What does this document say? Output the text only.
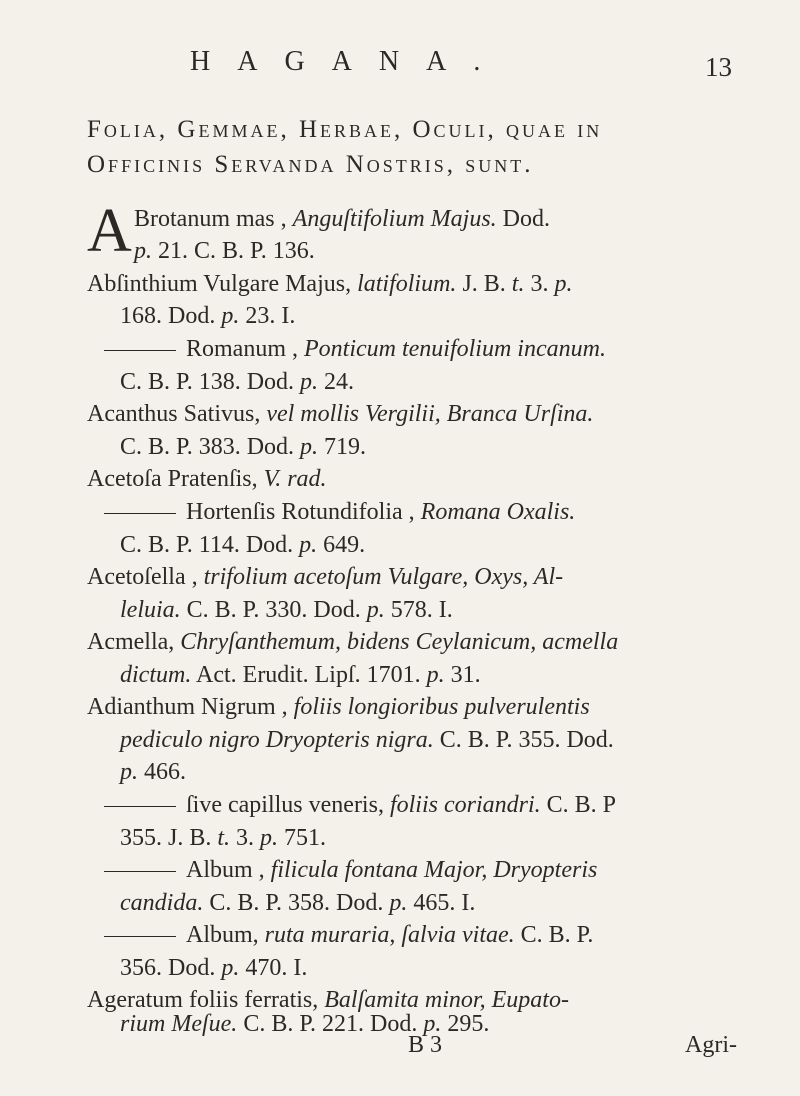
HAGANA.	13
Folia, Gemmae, Herbae, Oculi, quae in
Officinis Servanda Nostris, sunt.
A Brotanum mas , Anguſtifolium Majus. Dod.
p. 21. C. B. P. 136.
Abſinthium Vulgare Majus, latifolium. J. B. t. 3. p.
168. Dod. p. 23. I.
Romanum , Ponticum tenuifolium incanum.
C. B. P. 138. Dod. p. 24.
Acanthus Sativus, vel mollis Vergilii, Branca Urſina.
C. B. P. 383. Dod. p. 719.
Acetoſa Pratenſis, V. rad.
Hortenſis Rotundifolia , Romana Oxalis.
C. B. P. 114. Dod. p. 649.
Acetoſella , trifolium acetoſum Vulgare, Oxys, Al-
leluia. C. B. P. 330. Dod. p. 578. I.
Acmella, Chryſanthemum, bidens Ceylanicum, acmella
dictum. Act. Erudit. Lipſ. 1701. p. 31.
Adianthum Nigrum , foliis longioribus pulverulentis
pediculo nigro Dryopteris nigra. C. B. P. 355. Dod.
p. 466.
ſive capillus veneris, foliis coriandri. C. B. P
355. J. B. t. 3. p. 751.
Album , filicula fontana Major, Dryopteris
candida. C. B. P. 358. Dod. p. 465. I.
Album, ruta muraria, ſalvia vitae. C. B. P.
356. Dod. p. 470. I.
Ageratum foliis ferratis, Balſamita minor, Eupato-
rium Meſue. C. B. P. 221. Dod. p. 295.
B 3	Agri-
